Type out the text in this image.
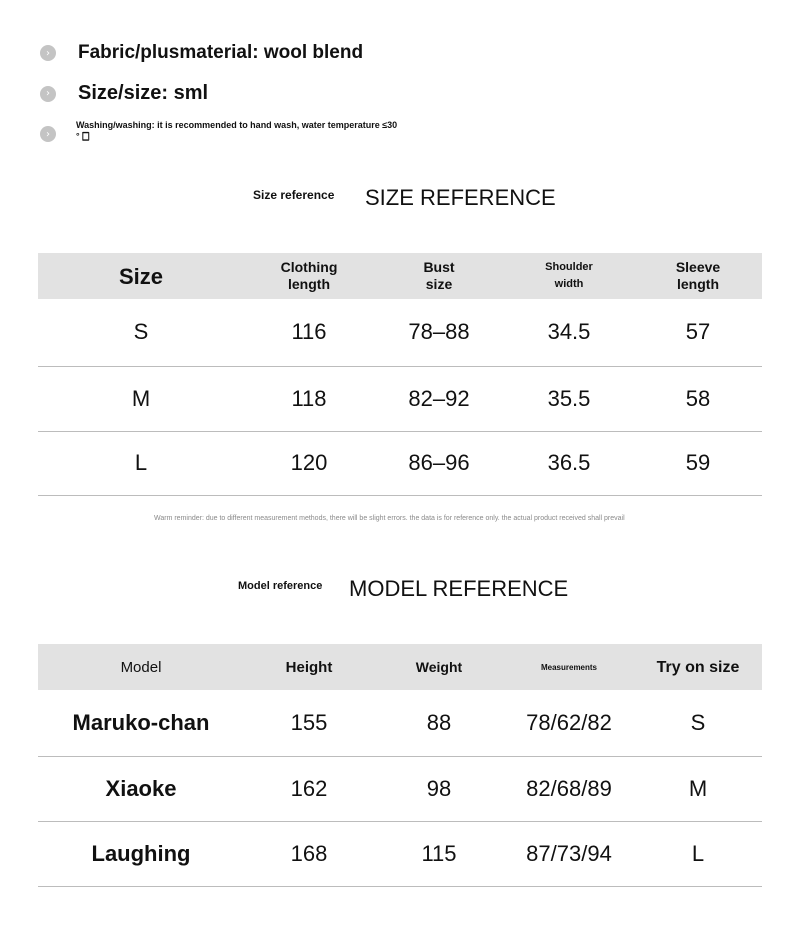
›	Fabric/plusmaterial: wool blend
›	Size/size: sml
›
Washing/washing: it is recommended to hand wash, water temperature ≤30
° 🀆
Size reference SIZE REFERENCE
Size	Clothing length	Bust size	Shoulder width	Sleeve length
S	116	78–88	34.5	57
M	118	82–92	35.5	58
L	120	86–96	36.5	59
Warm reminder: due to different measurement methods, there will be slight errors. the data is for reference only. the actual product received shall prevail
Model reference MODEL REFERENCE
Model	Height	Weight	Measurements	Try on size
Maruko-chan	155	88	78/62/82	S
Xiaoke	162	98	82/68/89	M
Laughing	168	115	87/73/94	L
